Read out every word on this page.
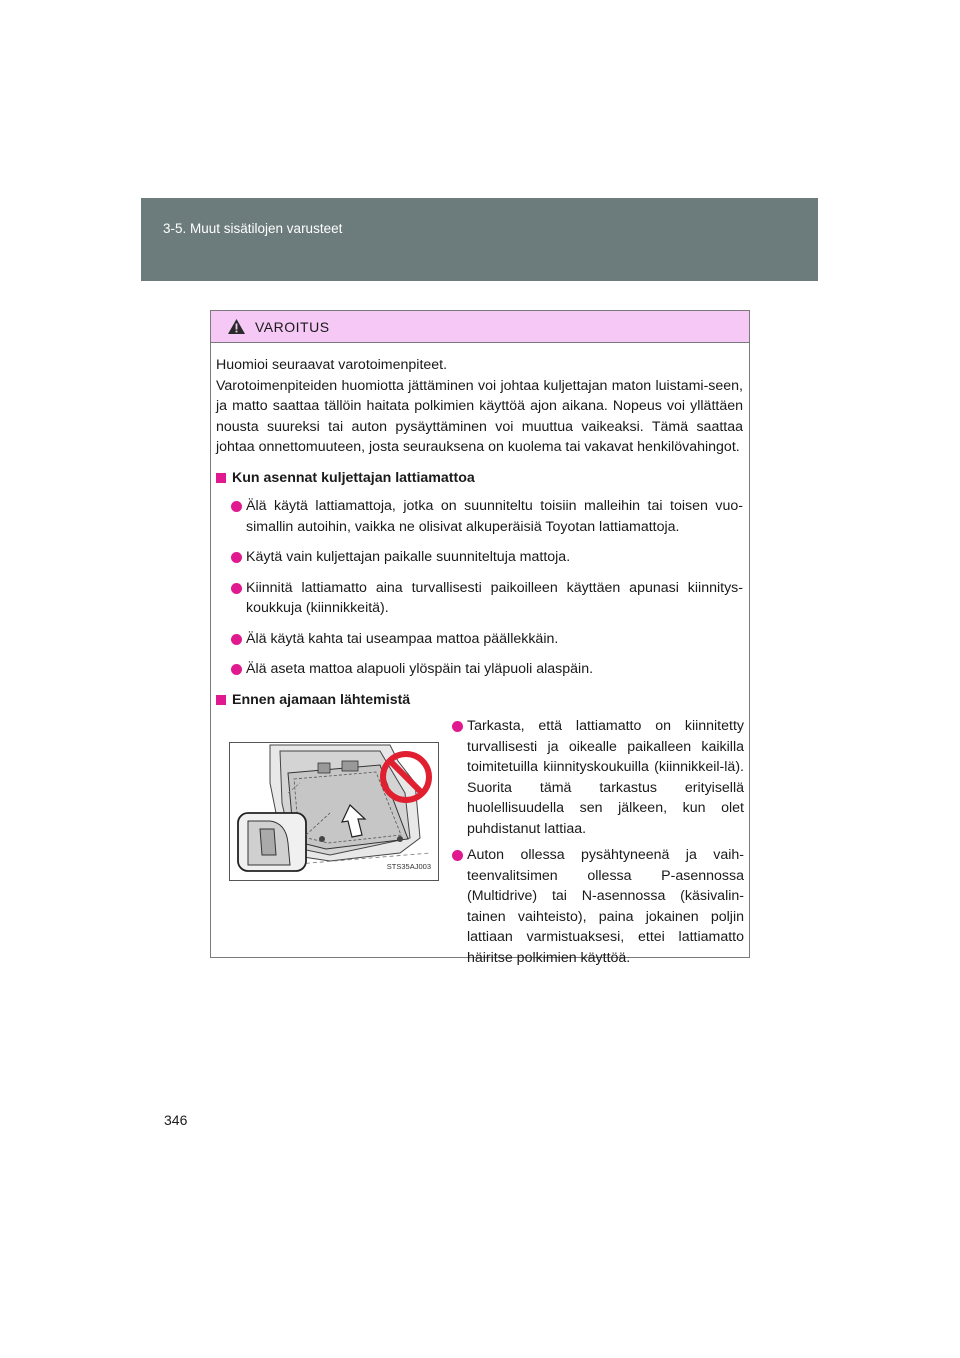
3-5. Muut sisätilojen varusteet
VAROITUS
Huomioi seuraavat varotoimenpiteet.
Varotoimenpiteiden huomiotta jättäminen voi johtaa kuljettajan maton luistami-seen, ja matto saattaa tällöin haitata polkimien käyttöä ajon aikana. Nopeus voi yllättäen nousta suureksi tai auton pysäyttäminen voi muuttua vaikeaksi. Tämä saattaa johtaa onnettomuuteen, josta seurauksena on kuolema tai vakavat henkilövahingot.
Kun asennat kuljettajan lattiamattoa
Älä käytä lattiamattoja, jotka on suunniteltu toisiin malleihin tai toisen vuo-simallin autoihin, vaikka ne olisivat alkuperäisiä Toyotan lattiamattoja.
Käytä vain kuljettajan paikalle suunniteltuja mattoja.
Kiinnitä lattiamatto aina turvallisesti paikoilleen käyttäen apunasi kiinnitys-koukkuja (kiinnikkeitä).
Älä käytä kahta tai useampaa mattoa päällekkäin.
Älä aseta mattoa alapuoli ylöspäin tai yläpuoli alaspäin.
Ennen ajamaan lähtemistä
STS35AJ003
Tarkasta, että lattiamatto on kiinnitetty turvallisesti ja oikealle paikalleen kaikilla toimitetuilla kiinnityskoukuilla (kiinnikkeil-lä). Suorita tämä tarkastus erityisellä huolellisuudella sen jälkeen, kun olet puhdistanut lattiaa.
Auton ollessa pysähtyneenä ja vaih-teenvalitsimen ollessa P-asennossa (Multidrive) tai N-asennossa (käsivalin-tainen vaihteisto), paina jokainen poljin lattiaan varmistuaksesi, ettei lattiamatto häiritse polkimien käyttöä.
346
